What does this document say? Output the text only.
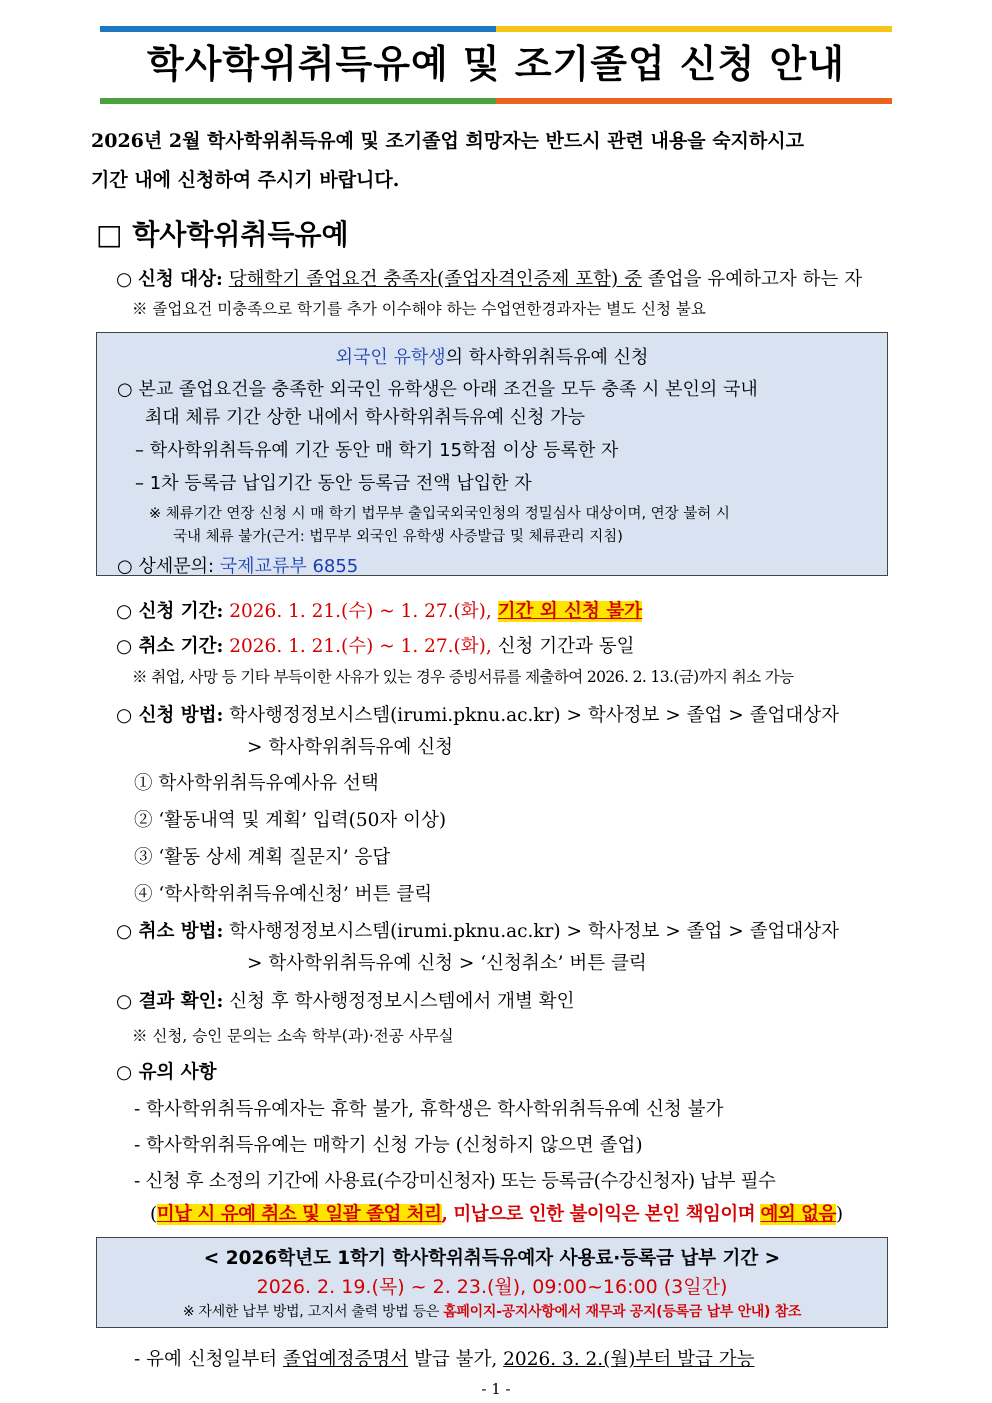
학사학위취득유예 및 조기졸업 신청 안내
2026년 2월 학사학위취득유예 및 조기졸업 희망자는 반드시 관련 내용을 숙지하시고
기간 내에 신청하여 주시기 바랍니다.
□ 학사학위취득유예
○ 신청 대상: 당해학기 졸업요건 충족자(졸업자격인증제 포함) 중 졸업을 유예하고자 하는 자
※ 졸업요건 미충족으로 학기를 추가 이수해야 하는 수업연한경과자는 별도 신청 불요
외국인 유학생의 학사학위취득유예 신청
○ 본교 졸업요건을 충족한 외국인 유학생은 아래 조건을 모두 충족 시 본인의 국내
최대 체류 기간 상한 내에서 학사학위취득유예 신청 가능
– 학사학위취득유예 기간 동안 매 학기 15학점 이상 등록한 자
– 1차 등록금 납입기간 동안 등록금 전액 납입한 자
※ 체류기간 연장 신청 시 매 학기 법무부 출입국외국인청의 정밀심사 대상이며, 연장 불허 시
국내 체류 불가(근거: 법무부 외국인 유학생 사증발급 및 체류관리 지침)
○ 상세문의: 국제교류부 6855
○ 신청 기간: 2026. 1. 21.(수) ~ 1. 27.(화), 기간 외 신청 불가
○ 취소 기간: 2026. 1. 21.(수) ~ 1. 27.(화), 신청 기간과 동일
※ 취업, 사망 등 기타 부득이한 사유가 있는 경우 증빙서류를 제출하여 2026. 2. 13.(금)까지 취소 가능
○ 신청 방법: 학사행정정보시스템(irumi.pknu.ac.kr) > 학사정보 > 졸업 > 졸업대상자
> 학사학위취득유예 신청
① 학사학위취득유예사유 선택
② ‘활동내역 및 계획’ 입력(50자 이상)
③ ‘활동 상세 계획 질문지’ 응답
④ ‘학사학위취득유예신청’ 버튼 클릭
○ 취소 방법: 학사행정정보시스템(irumi.pknu.ac.kr) > 학사정보 > 졸업 > 졸업대상자
> 학사학위취득유예 신청 > ‘신청취소’ 버튼 클릭
○ 결과 확인: 신청 후 학사행정정보시스템에서 개별 확인
※ 신청, 승인 문의는 소속 학부(과)·전공 사무실
○ 유의 사항
- 학사학위취득유예자는 휴학 불가, 휴학생은 학사학위취득유예 신청 불가
- 학사학위취득유예는 매학기 신청 가능 (신청하지 않으면 졸업)
- 신청 후 소정의 기간에 사용료(수강미신청자) 또는 등록금(수강신청자) 납부 필수
(미납 시 유예 취소 및 일괄 졸업 처리, 미납으로 인한 불이익은 본인 책임이며 예외 없음)
< 2026학년도 1학기 학사학위취득유예자 사용료·등록금 납부 기간 >
2026. 2. 19.(목) ~ 2. 23.(월), 09:00~16:00 (3일간)
※ 자세한 납부 방법, 고지서 출력 방법 등은 홈페이지-공지사항에서 재무과 공지(등록금 납부 안내) 참조
- 유예 신청일부터 졸업예정증명서 발급 불가, 2026. 3. 2.(월)부터 발급 가능
- 1 -
